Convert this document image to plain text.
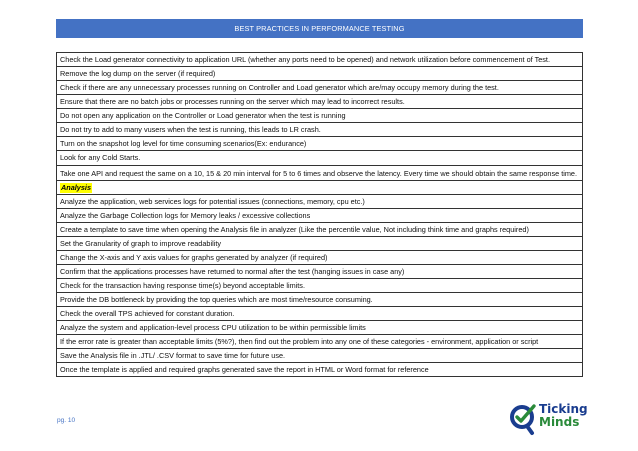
BEST PRACTICES IN PERFORMANCE TESTING
Check the Load generator connectivity to application URL (whether any ports need to be opened) and network utilization before commencement of Test.
Remove the log dump on the server (if required)
Check if there are any unnecessary processes running on Controller and Load generator which are/may occupy memory during the test.
Ensure that there are no batch jobs or processes running on the server which may lead to incorrect results.
Do not open any application on the Controller or Load generator when the test is running
Do not try to add to many vusers when the test is running, this leads to LR crash.
Turn on the snapshot log level for time consuming scenarios(Ex: endurance)
Look for any Cold Starts.
Take one API and request the same on a 10, 15 & 20 min interval for 5 to 6 times and observe the latency. Every time we should obtain the same response time.
Analysis
Analyze the application, web services logs for potential issues (connections, memory, cpu etc.)
Analyze the Garbage Collection logs for Memory leaks / excessive collections
Create a template to save time when opening the Analysis file in analyzer (Like the percentile value, Not including think time and graphs required)
Set the Granularity of graph to improve readability
Change the X-axis and Y axis values for graphs generated by analyzer (if required)
Confirm that the applications processes have returned to normal after the test (hanging issues in case any)
Check for the transaction having response time(s) beyond acceptable limits.
Provide the DB bottleneck by providing the top queries which are most time/resource consuming.
Check the overall TPS achieved for constant duration.
Analyze the system and application-level process CPU utilization to be within permissible limits
If the error rate is greater than acceptable limits (5%?), then find out the problem into any one of these categories - environment, application or script
Save the Analysis file in .JTL/ .CSV format to save time for future use.
Once the template is applied and required graphs generated save the report in HTML or Word format for reference
pg. 10
Ticking
Minds
